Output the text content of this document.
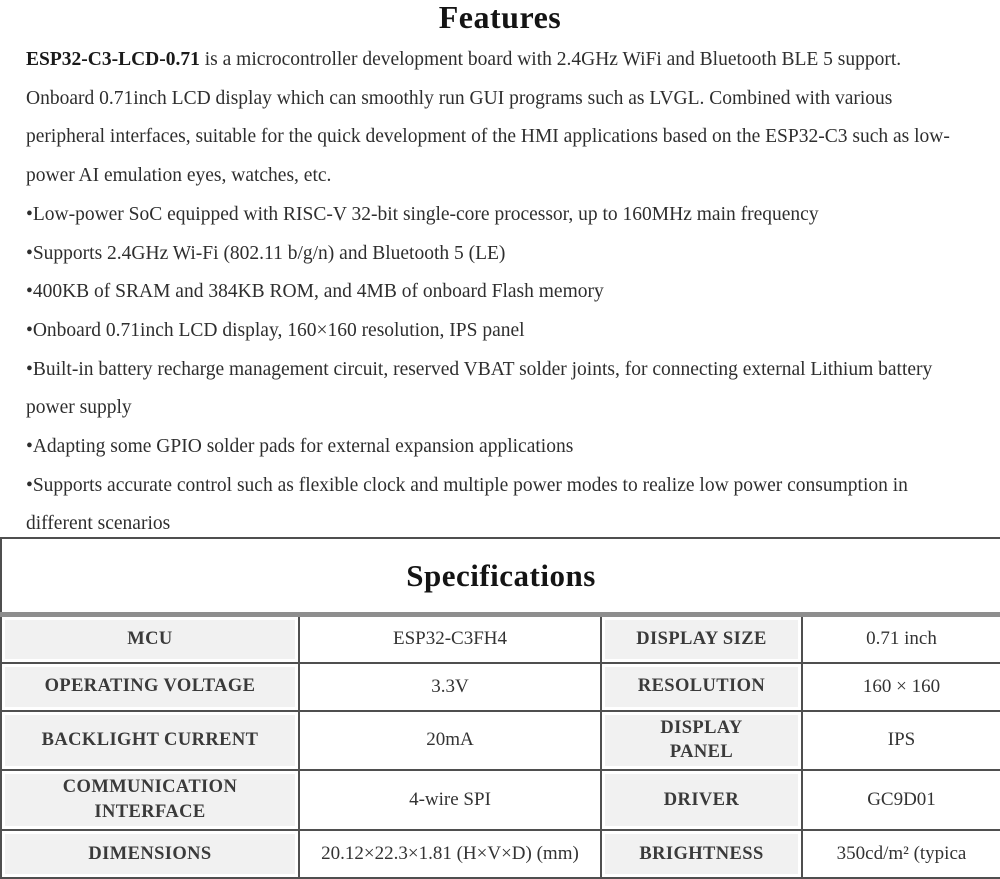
Features

ESP32-C3-LCD-0.71 is a microcontroller development board with 2.4GHz WiFi and Bluetooth BLE 5 support. Onboard 0.71inch LCD display which can smoothly run GUI programs such as LVGL. Combined with various peripheral interfaces, suitable for the quick development of the HMI applications based on the ESP32-C3 such as low-power AI emulation eyes, watches, etc.

•Low-power SoC equipped with RISC-V 32-bit single-core processor, up to 160MHz main frequency

•Supports 2.4GHz Wi-Fi (802.11 b/g/n) and Bluetooth 5 (LE)

•400KB of SRAM and 384KB ROM, and 4MB of onboard Flash memory

•Onboard 0.71inch LCD display, 160×160 resolution, IPS panel

•Built-in battery recharge management circuit, reserved VBAT solder joints, for connecting external Lithium battery power supply

•Adapting some GPIO solder pads for external expansion applications

•Supports accurate control such as flexible clock and multiple power modes to realize low power consumption in different scenarios

Specifications			
MCU	ESP32-C3FH4	DISPLAY SIZE	0.71 inch
OPERATING VOLTAGE	3.3V	RESOLUTION	160 × 160
BACKLIGHT CURRENT	20mA	DISPLAY PANEL	IPS
COMMUNICATION INTERFACE	4-wire SPI	DRIVER	GC9D01
DIMENSIONS	20.12×22.3×1.81 (H×V×D) (mm)	BRIGHTNESS	350cd/m² (typica
